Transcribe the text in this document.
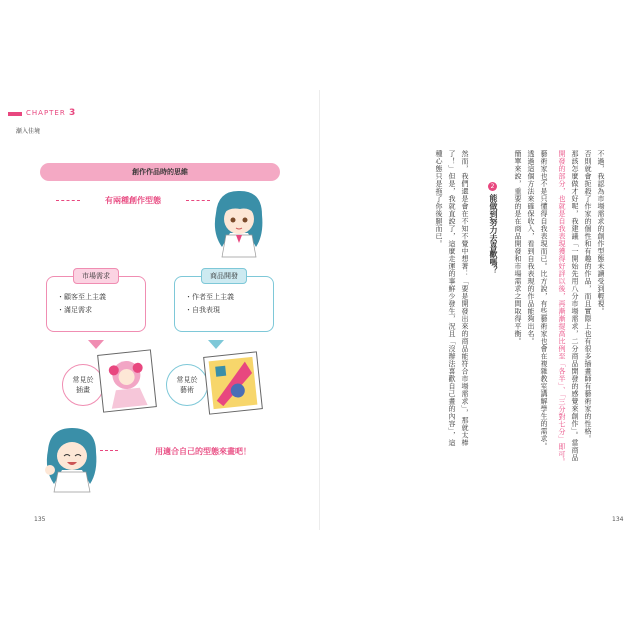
CHAPTER 3
漸入佳境
創作作品時的思維
有兩種創作型態
市場需求
・ 顧客至上主義
・ 滿足需求
商品開發
・ 作者至上主義
・ 自我表現
常見於
插畫
常見於
藝術
用適合自己的型態來畫吧！
135
不過，我認為市場需求的創作型態未讀受到輕視。
否則就會扼殺了作家的個性和有趣的作品，而且實際上也有很多插畫師有藝術家的性格。
那該怎麼做才好呢，我建議「一開始先用八分市場需求，二分商品開發的感覺來創作」。當商品
開發的部分，也就是自我表現獲得好評以後，再漸漸提高比例至「各半」、「三分對七分」即可。
藝術家也不是只懂得自我表現而已。比方說，有些藝術家也會在複雜教室講解學生的需求。
透過這個方法來確保收入，看到自我表現的作品能夠出名。
簡單來說，重要的是在商品開發和市場需求之間取得平衡。
2
能做到努力去喜歡嗎？
然而，我們還是會在不知不覺中想著：「要是開發出來的商品能符合市場需求」，那就太棒
了！」但是，我就直說了，這麼走運的事鮮少發生，況且「沒辦法喜歡自己畫的內容」，這
種心態只是拖了你後腿而已。
134
